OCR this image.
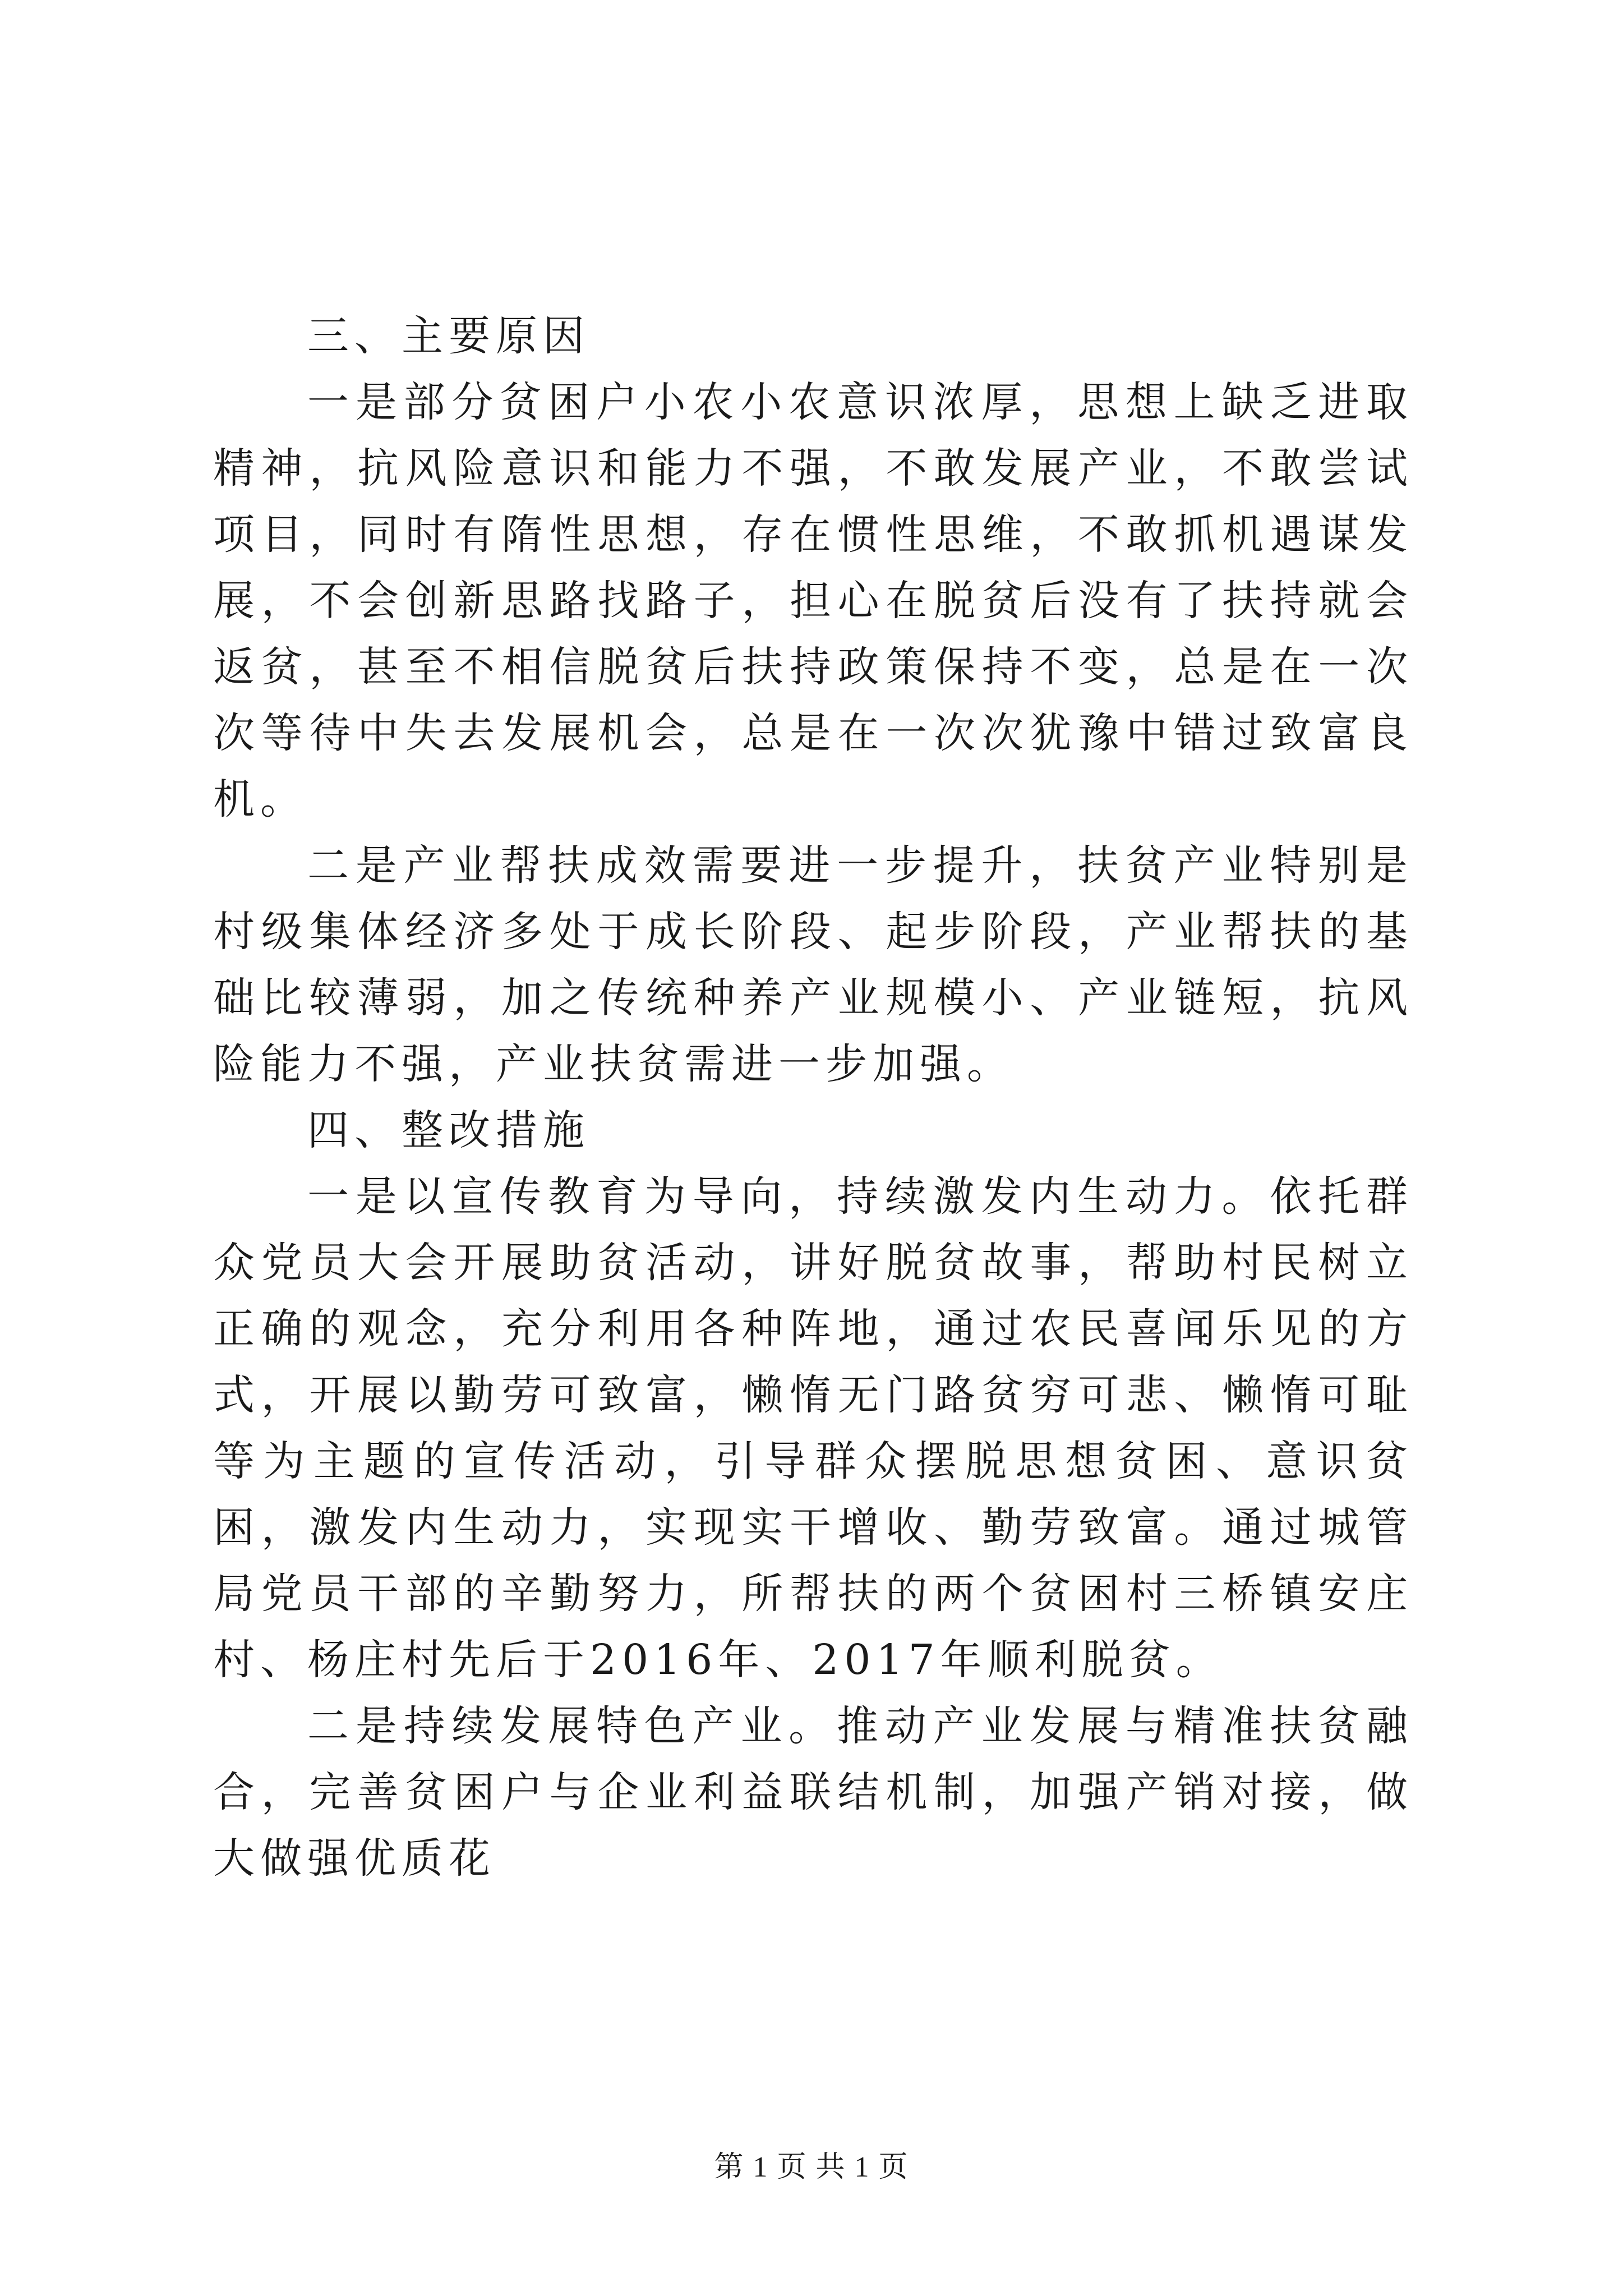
三、主要原因

一是部分贫困户小农小农意识浓厚，思想上缺乏进取精神，抗风险意识和能力不强，不敢发展产业，不敢尝试项目，同时有隋性思想，存在惯性思维，不敢抓机遇谋发展，不会创新思路找路子，担心在脱贫后没有了扶持就会返贫，甚至不相信脱贫后扶持政策保持不变，总是在一次次等待中失去发展机会，总是在一次次犹豫中错过致富良机。

二是产业帮扶成效需要进一步提升，扶贫产业特别是村级集体经济多处于成长阶段、起步阶段，产业帮扶的基础比较薄弱，加之传统种养产业规模小、产业链短，抗风险能力不强，产业扶贫需进一步加强。

四、整改措施

一是以宣传教育为导向，持续激发内生动力。依托群众党员大会开展助贫活动，讲好脱贫故事，帮助村民树立正确的观念，充分利用各种阵地，通过农民喜闻乐见的方式，开展以勤劳可致富，懒惰无门路贫穷可悲、懒惰可耻等为主题的宣传活动，引导群众摆脱思想贫困、意识贫困，激发内生动力，实现实干增收、勤劳致富。通过城管局党员干部的辛勤努力，所帮扶的两个贫困村三桥镇安庄村、杨庄村先后于2016年、2017年顺利脱贫。

二是持续发展特色产业。推动产业发展与精准扶贫融合，完善贫困户与企业利益联结机制，加强产销对接，做大做强优质花

第 1 页 共 1 页
